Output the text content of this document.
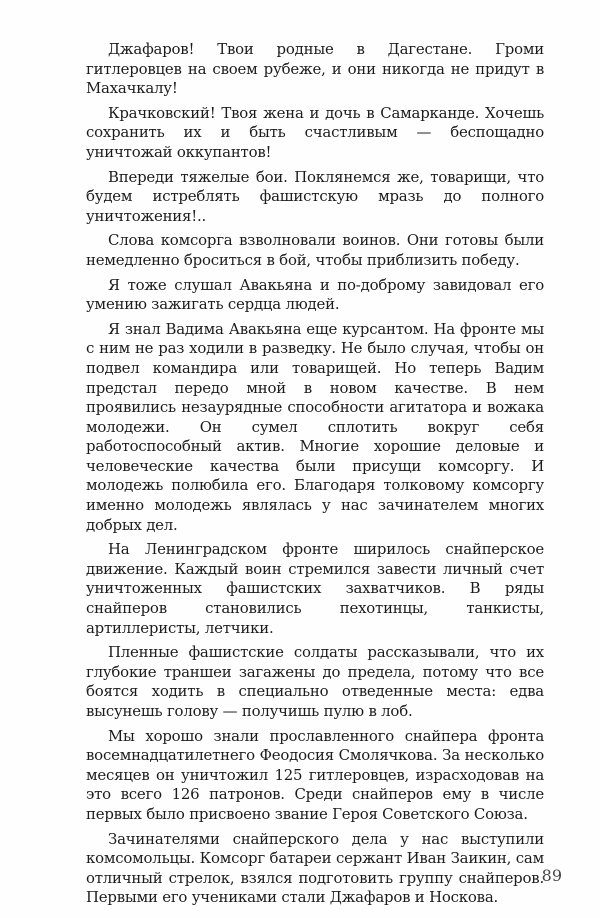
Джафаров! Твои родные в Дагестане. Громи гитлеровцев на своем рубеже, и они никогда не придут в Махачкалу!

Крачковский! Твоя жена и дочь в Самарканде. Хочешь сохранить их и быть счастливым — беспощадно уничтожай оккупантов!

Впереди тяжелые бои. Поклянемся же, товарищи, что будем истреблять фашистскую мразь до полного уничтожения!..

Слова комсорга взволновали воинов. Они готовы были немедленно броситься в бой, чтобы приблизить победу.

Я тоже слушал Авакьяна и по-доброму завидовал его умению зажигать сердца людей.

Я знал Вадима Авакьяна еще курсантом. На фронте мы с ним не раз ходили в разведку. Не было случая, чтобы он подвел командира или товарищей. Но теперь Вадим предстал передо мной в новом качестве. В нем проявились незаурядные способности агитатора и вожака молодежи. Он сумел сплотить вокруг себя работоспособный актив. Многие хорошие деловые и человеческие качества были присущи комсоргу. И молодежь полюбила его. Благодаря толковому комсоргу именно молодежь являлась у нас зачинателем многих добрых дел.

На Ленинградском фронте ширилось снайперское движение. Каждый воин стремился завести личный счет уничтоженных фашистских захватчиков. В ряды снайперов становились пехотинцы, танкисты, артиллеристы, летчики.

Пленные фашистские солдаты рассказывали, что их глубокие траншеи загажены до предела, потому что все боятся ходить в специально отведенные места: едва высунешь голову — получишь пулю в лоб.

Мы хорошо знали прославленного снайпера фронта восемнадцатилетнего Феодосия Смолячкова. За несколько месяцев он уничтожил 125 гитлеровцев, израсходовав на это всего 126 патронов. Среди снайперов ему в числе первых было присвоено звание Героя Советского Союза.

Зачинателями снайперского дела у нас выступили комсомольцы. Комсорг батареи сержант Иван Заикин, сам отличный стрелок, взялся подготовить группу снайперов. Первыми его учениками стали Джафаров и Носкова.

89
